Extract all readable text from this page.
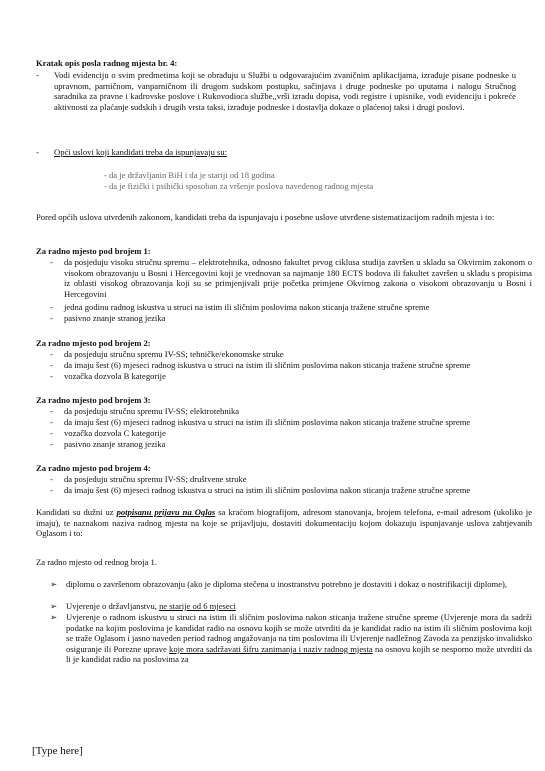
Kratak opis posla radnog mjesta br. 4:
-	Vodi evidenciju o svim predmetima koji se obrađuju u Službi u odgovarajućim zvaničnim aplikacijama, izrađuje pisane podneske u upravnom, parničnom, vanparničnom ili drugom sudskom postupku, sačinjava i druge podneske po uputama i nalogu Stručnog saradnika za pravne i kadrovske poslove i Rukovodioca službe,,vrši izradu dopisa, vodi registre i upisnike, vodi evidenciju i pokreće aktivnosti za plaćanje sudskih i drugih vrsta taksi, izrađuje podneske i dostavlja dokaze o plaćenoj taksi i drugi poslovi.
-	Opći uslovi koji kandidati treba da ispunjavaju su:
- da je državljanin BiH i da je stariji od 18 godina
- da je fizički i psihički sposoban za vršenje poslova navedenog radnog mjesta
Pored općih uslova utvrđenih zakonom, kandidati treba da ispunjavaju i posebne uslove utvrđene sistematizacijom radnih mjesta i to:
Za radno mjesto pod brojem 1:
-	da posjeduju visoku stručnu spremu – elektrotehnika, odnosno fakultet prvog ciklusa studija završen u skladu sa Okvirnim zakonom o visokom obrazovanju u Bosni i Hercegovini koji je vrednovan sa najmanje 180 ECTS bodova ili fakultet završen u skladu s propisima iz oblasti visokog obrazovanja koji su se primjenjivali prije početka primjene Okvirnog zakona o visokom obrazovanju u Bosni i Hercegovini
-	jedna godinu radnog iskustva u struci na istim ili sličnim poslovima nakon sticanja tražene stručne spreme
-	pasivno znanje stranog jezika
Za radno mjesto pod brojem 2:
-	da posjeduju stručnu spremu IV-SS; tehničke/ekonomske struke
-	da imaju šest (6) mjeseci radnog iskustva u struci na istim ili sličnim poslovima nakon sticanja tražene stručne spreme
-	vozačka dozvola B kategorije
Za radno mjesto pod brojem 3:
-	da posjeduju stručnu spremu IV-SS; elektrotehnika
-	da imaju šest (6) mjeseci radnog iskustva u struci na istim ili sličnim poslovima nakon sticanja tražene stručne spreme
-	vozačka dozvola C kategorije
-	pasivno znanje stranog jezika
Za radno mjesto pod brojem 4:
-	da posjeduju stručnu spremu IV-SS; društvene struke
-	da imaju šest (6) mjeseci radnog iskustva u struci na istim ili sličnim poslovima nakon sticanja tražene stručne spreme
Kandidati su dužni uz potpisanu prijavu na Oglas sa kraćom biografijom, adresom stanovanja, brojem telefona, e-mail adresom (ukoliko je imaju), te naznakom naziva radnog mjesta na koje se prijavljuju, dostaviti dokumentaciju kojom dokazuju ispunjavanje uslova zahtjevanih Oglasom i to:
Za radno mjesto od rednog broja 1.
➢	diplomu o završenom obrazovanju (ako je diploma stečena u inostranstvu potrebno je dostaviti i dokaz o nostrifikaciji diplome),
➢	Uvjerenje o državljanstvu, ne starije od 6 mjeseci
➢	Uvjerenje o radnom iskustvu u struci na istim ili sličnim poslovima nakon sticanja tražene stručne spreme (Uvjerenje mora da sadrži podatke na kojim poslovima je kandidat radio na osnovu kojih se može utvrditi da je kandidat radio na istim ili sličnim poslovima koji se traže Oglasom i jasno naveden period radnog angažovanja na tim poslovima ili Uvjerenje nadležnog Zavoda za penzijsko invalidsko osiguranje ili Poreznе uprave koje mora sadržavati šifru zanimanja i naziv radnog mjesta na osnovu kojih se nesporno može utvrditi da li je kandidat radio na poslovima za
[Type here]
